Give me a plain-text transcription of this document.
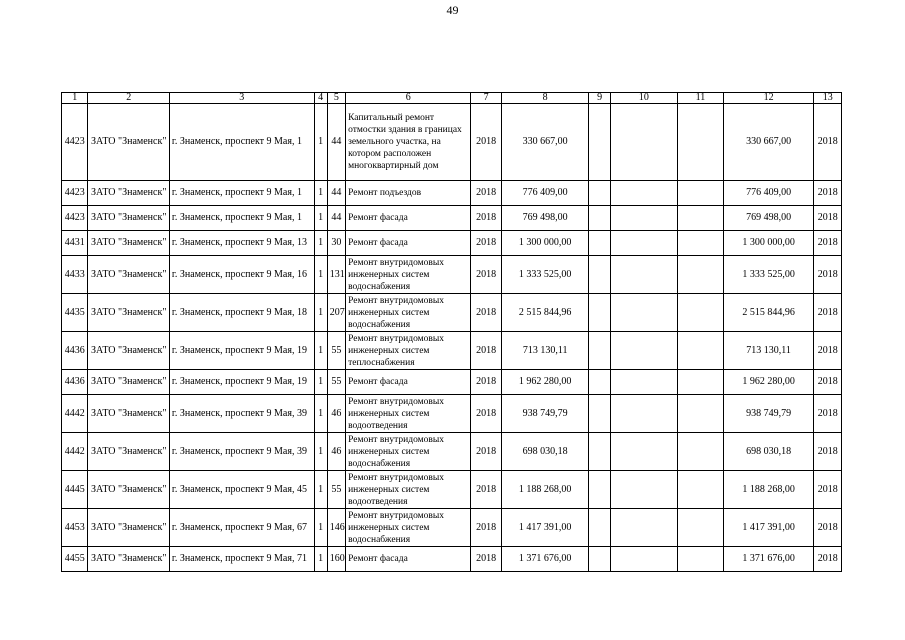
49
1	2	3	4	5	6	7	8	9	10	11	12	13
4423	ЗАТО "Знаменск"	г. Знаменск, проспект 9 Мая, 1	1	44	Капитальный ремонт отмостки здания в границах земельного участка, на котором расположен многоквартирный дом	2018	330 667,00				330 667,00	2018
4423	ЗАТО "Знаменск"	г. Знаменск, проспект 9 Мая, 1	1	44	Ремонт подъездов	2018	776 409,00				776 409,00	2018
4423	ЗАТО "Знаменск"	г. Знаменск, проспект 9 Мая, 1	1	44	Ремонт фасада	2018	769 498,00				769 498,00	2018
4431	ЗАТО "Знаменск"	г. Знаменск, проспект 9 Мая, 13	1	30	Ремонт фасада	2018	1 300 000,00				1 300 000,00	2018
4433	ЗАТО "Знаменск"	г. Знаменск, проспект 9 Мая, 16	1	131	Ремонт внутридомовых инженерных систем водоснабжения	2018	1 333 525,00				1 333 525,00	2018
4435	ЗАТО "Знаменск"	г. Знаменск, проспект 9 Мая, 18	1	207	Ремонт внутридомовых инженерных систем водоснабжения	2018	2 515 844,96				2 515 844,96	2018
4436	ЗАТО "Знаменск"	г. Знаменск, проспект 9 Мая, 19	1	55	Ремонт внутридомовых инженерных систем теплоснабжения	2018	713 130,11				713 130,11	2018
4436	ЗАТО "Знаменск"	г. Знаменск, проспект 9 Мая, 19	1	55	Ремонт фасада	2018	1 962 280,00				1 962 280,00	2018
4442	ЗАТО "Знаменск"	г. Знаменск, проспект 9 Мая, 39	1	46	Ремонт внутридомовых инженерных систем водоотведения	2018	938 749,79				938 749,79	2018
4442	ЗАТО "Знаменск"	г. Знаменск, проспект 9 Мая, 39	1	46	Ремонт внутридомовых инженерных систем водоснабжения	2018	698 030,18				698 030,18	2018
4445	ЗАТО "Знаменск"	г. Знаменск, проспект 9 Мая, 45	1	55	Ремонт внутридомовых инженерных систем водоотведения	2018	1 188 268,00				1 188 268,00	2018
4453	ЗАТО "Знаменск"	г. Знаменск, проспект 9 Мая, 67	1	146	Ремонт внутридомовых инженерных систем водоснабжения	2018	1 417 391,00				1 417 391,00	2018
4455	ЗАТО "Знаменск"	г. Знаменск, проспект 9 Мая, 71	1	160	Ремонт фасада	2018	1 371 676,00				1 371 676,00	2018
